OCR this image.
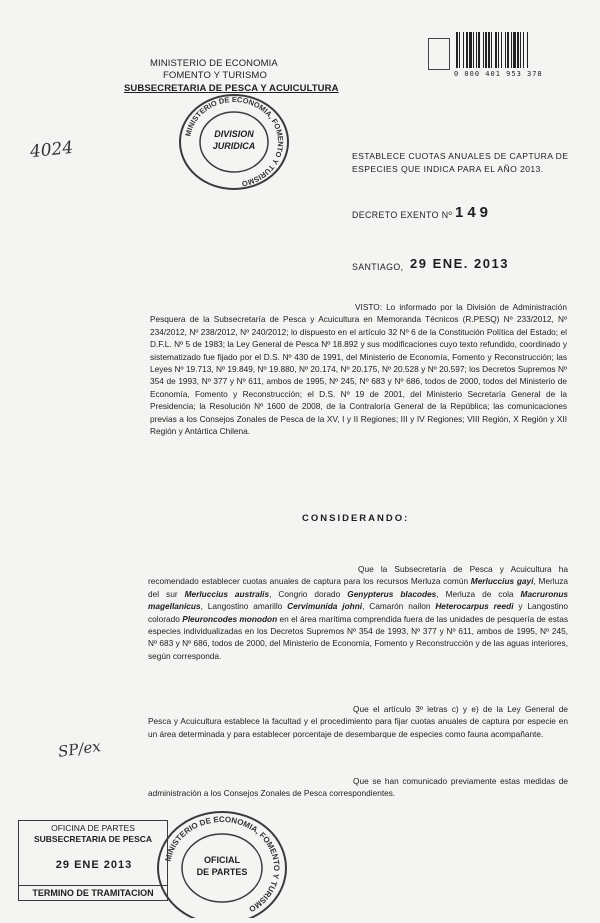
MINISTERIO DE ECONOMIA
FOMENTO Y TURISMO
SUBSECRETARIA DE PESCA Y ACUICULTURA
MINISTERIO DE ECONOMIA, FOMENTO Y TURISMO
DIVISION
JURIDICA
4024
0 000 401 953 378
ESTABLECE CUOTAS ANUALES DE CAPTURA DE
ESPECIES QUE INDICA PARA EL AÑO 2013.
DECRETO EXENTO Nº 149
SANTIAGO, 29 ENE. 2013
VISTO: Lo informado por la División de Administración Pesquera de la Subsecretaría de Pesca y Acuicultura en Memoranda Técnicos (R.PESQ) Nº 233/2012, Nº 234/2012, Nº 238/2012, Nº 240/2012; lo dispuesto en el artículo 32 Nº 6 de la Constitución Política del Estado; el D.F.L. Nº 5 de 1983; la Ley General de Pesca Nº 18.892 y sus modificaciones cuyo texto refundido, coordinado y sistematizado fue fijado por el D.S. Nº 430 de 1991, del Ministerio de Economía, Fomento y Reconstrucción; las Leyes Nº 19.713, Nº 19.849, Nº 19.880, Nº 20.174, Nº 20.175, Nº 20.528 y Nº 20.597; los Decretos Supremos Nº 354 de 1993, Nº 377 y Nº 611, ambos de 1995, Nº 245, Nº 683 y Nº 686, todos de 2000, todos del Ministerio de Economía, Fomento y Reconstrucción; el D.S. Nº 19 de 2001, del Ministerio Secretaría General de la Presidencia; la Resolución Nº 1600 de 2008, de la Contraloría General de la República; las comunicaciones previas a los Consejos Zonales de Pesca de la XV, I y II Regiones; III y IV Regiones; VIII Región, X Región y XII Región y Antártica Chilena.
CONSIDERANDO:
Que la Subsecretaría de Pesca y Acuicultura ha recomendado establecer cuotas anuales de captura para los recursos Merluza común Merluccius gayi, Merluza del sur Merluccius australis, Congrio dorado Genypterus blacodes, Merluza de cola Macruronus magellanicus, Langostino amarillo Cervimunida johni, Camarón nailon Heterocarpus reedi y Langostino colorado Pleuroncodes monodon en el área marítima comprendida fuera de las unidades de pesquería de estas especies individualizadas en los Decretos Supremos Nº 354 de 1993, Nº 377 y Nº 611, ambos de 1995, Nº 245, Nº 683 y Nº 686, todos de 2000, del Ministerio de Economía, Fomento y Reconstrucción y de las aguas interiores, según corresponda.
Que el artículo 3º letras c) y e) de la Ley General de Pesca y Acuicultura establece la facultad y el procedimiento para fijar cuotas anuales de captura por especie en un área determinada y para establecer porcentaje de desembarque de especies como fauna acompañante.
Que se han comunicado previamente estas medidas de administración a los Consejos Zonales de Pesca correspondientes.
SP/ex
OFICINA DE PARTES
SUBSECRETARIA DE PESCA
29 ENE 2013
TERMINO DE TRAMITACION
MINISTERIO DE ECONOMIA, FOMENTO Y TURISMO
OFICIAL
DE PARTES
